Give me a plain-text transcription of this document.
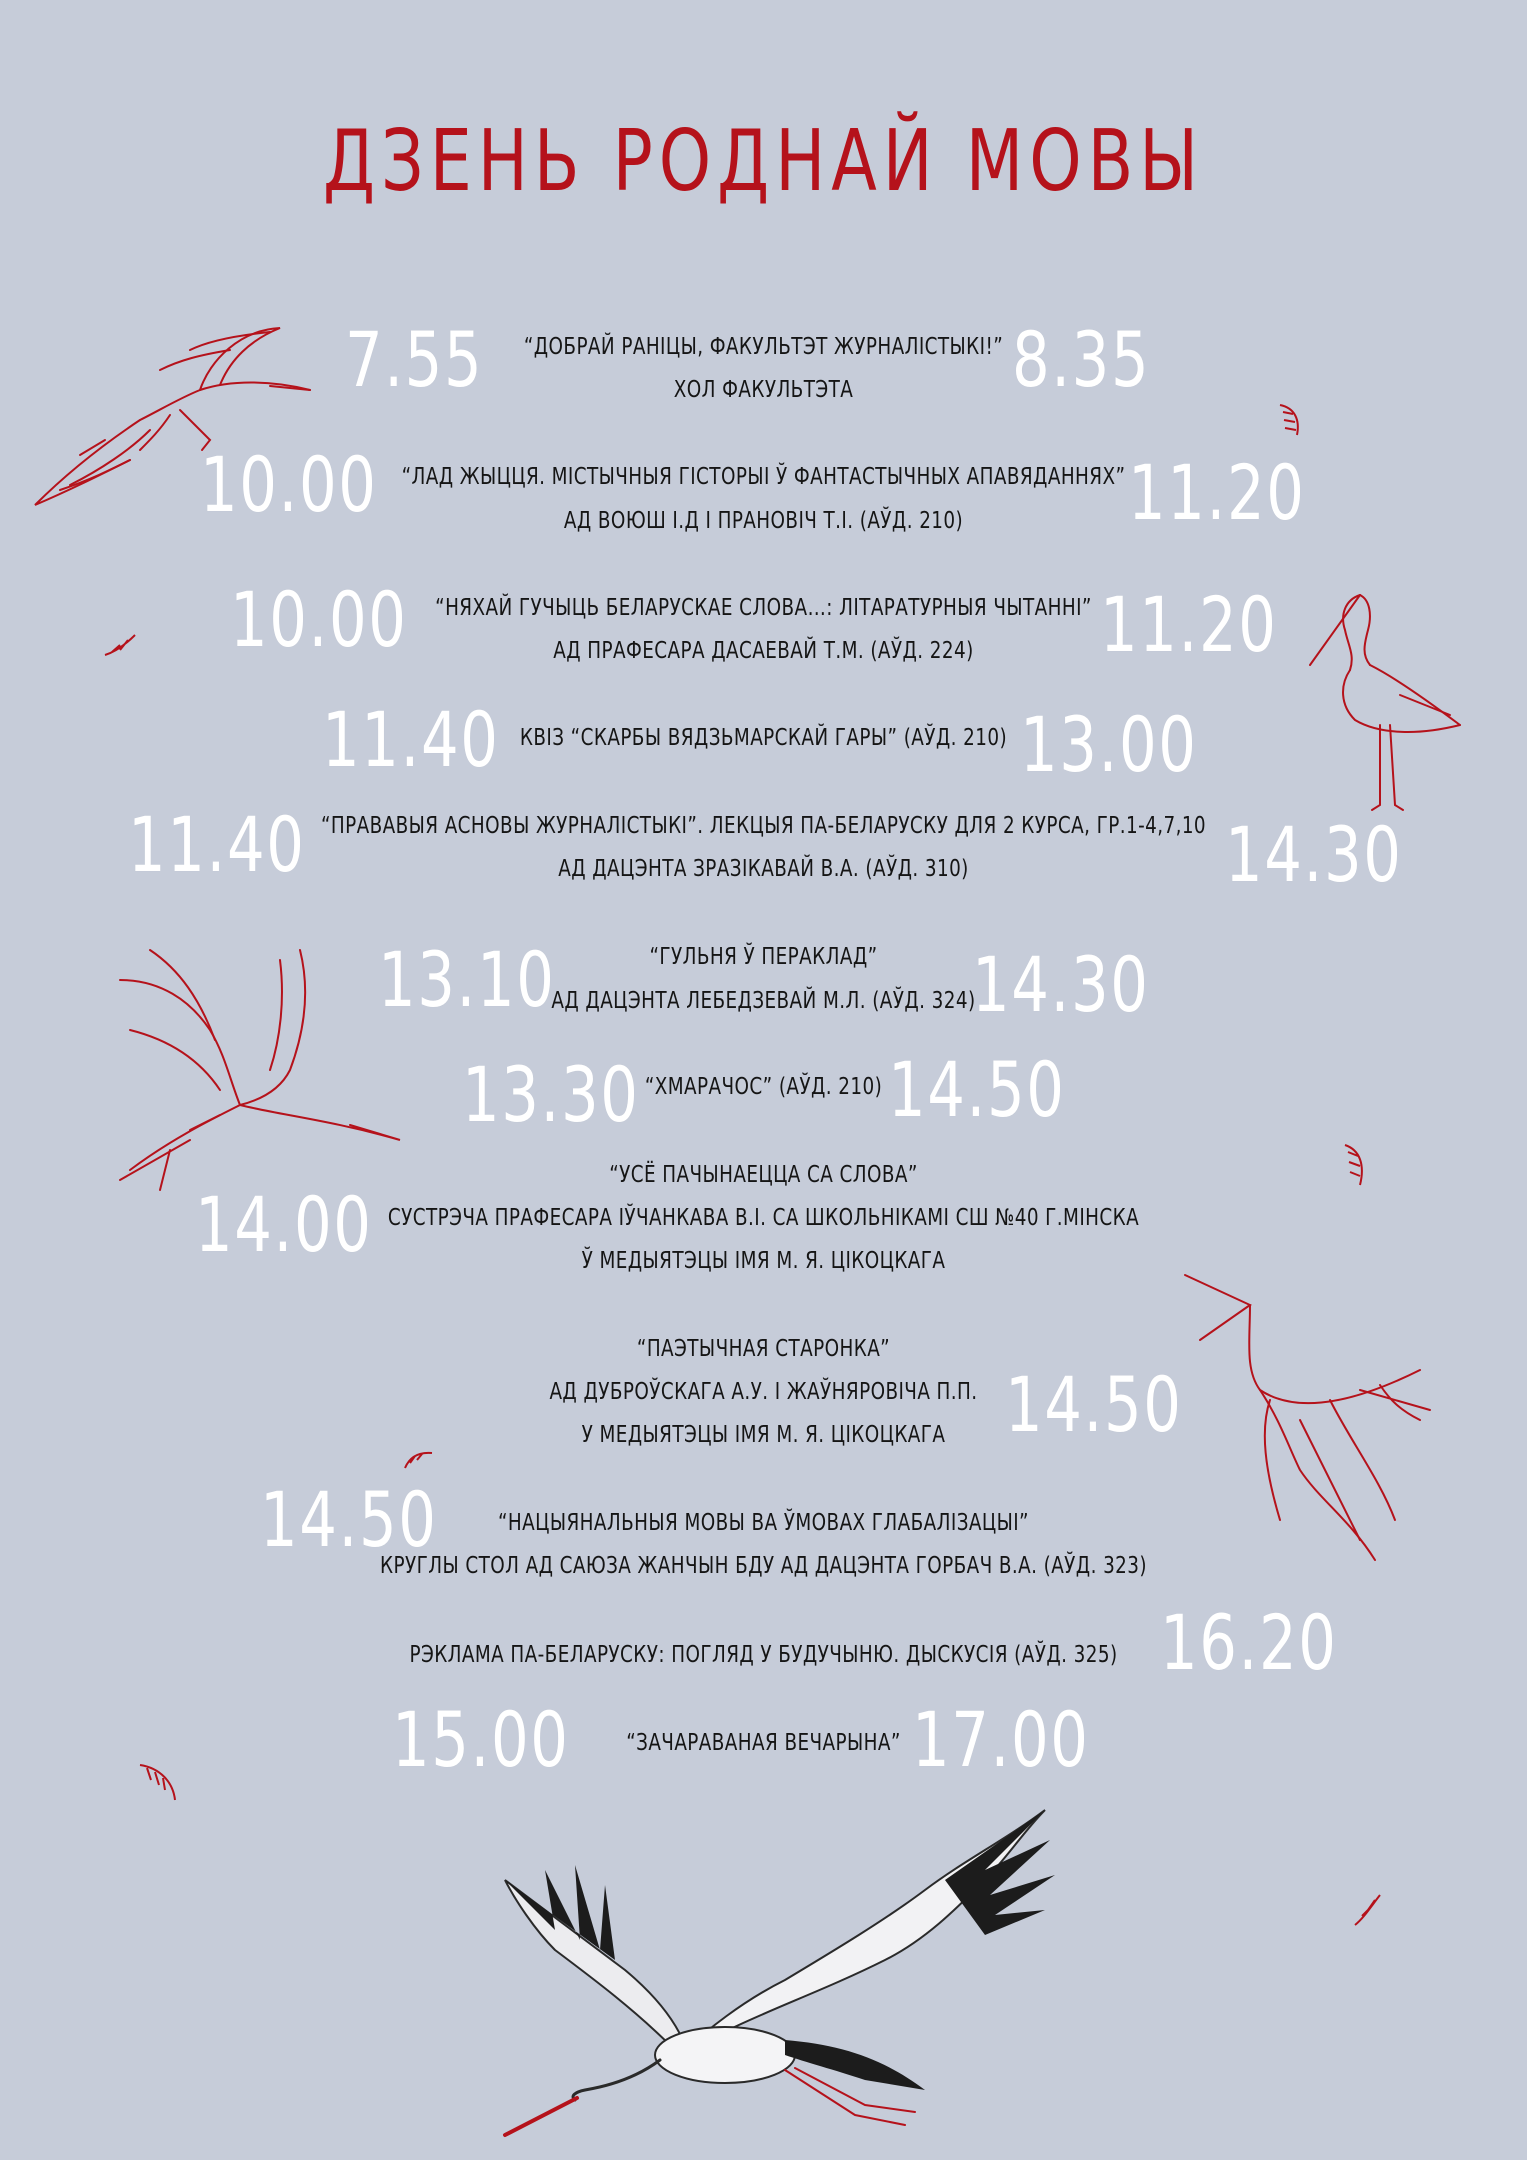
ДЗЕНЬ РОДНАЙ МОВЫ
7.55	8.35
“ДОБРАЙ РАНІЦЫ, ФАКУЛЬТЭТ ЖУРНАЛІСТЫКІ!”
ХОЛ ФАКУЛЬТЭТА
10.00	11.20
“ЛАД ЖЫЦЦЯ. МІСТЫЧНЫЯ ГІСТОРЫІ Ў ФАНТАСТЫЧНЫХ АПАВЯДАННЯХ”
АД ВОЮШ І.Д І ПРАНОВІЧ Т.І. (АЎД. 210)
10.00	11.20
“НЯХАЙ ГУЧЫЦЬ БЕЛАРУСКАЕ СЛОВА…: ЛІТАРАТУРНЫЯ ЧЫТАННІ”
АД ПРАФЕСАРА ДАСАЕВАЙ Т.М. (АЎД. 224)
11.40	13.00
КВІЗ “СКАРБЫ ВЯДЗЬМАРСКАЙ ГАРЫ” (АЎД. 210)
11.40	14.30
“ПРАВАВЫЯ АСНОВЫ ЖУРНАЛІСТЫКІ”. ЛЕКЦЫЯ ПА-БЕЛАРУСКУ ДЛЯ 2 КУРСА, ГР.1-4,7,10
АД ДАЦЭНТА ЗРАЗІКАВАЙ В.А. (АЎД. 310)
13.10	14.30
“ГУЛЬНЯ Ў ПЕРАКЛАД”
АД ДАЦЭНТА ЛЕБЕДЗЕВАЙ М.Л. (АЎД. 324)
13.30	14.50
“ХМАРАЧОС” (АЎД. 210)
14.00
“УСЁ ПАЧЫНАЕЦЦА СА СЛОВА”
СУСТРЭЧА ПРАФЕСАРА ІЎЧАНКАВА В.І. СА ШКОЛЬНІКАМІ СШ №40 Г.МІНСКА
Ў МЕДЫЯТЭЦЫ ІМЯ М. Я. ЦІКОЦКАГА
14.50
“ПАЭТЫЧНАЯ СТАРОНКА”
АД ДУБРОЎСКАГА А.У. І ЖАЎНЯРОВІЧА П.П.
У МЕДЫЯТЭЦЫ ІМЯ М. Я. ЦІКОЦКАГА
14.50	“НАЦЫЯНАЛЬНЫЯ МОВЫ ВА ЎМОВАХ ГЛАБАЛІЗАЦЫІ”
КРУГЛЫ СТОЛ АД САЮЗА ЖАНЧЫН БДУ АД ДАЦЭНТА ГОРБАЧ В.А. (АЎД. 323)
16.20
РЭКЛАМА ПА-БЕЛАРУСКУ: ПОГЛЯД У БУДУЧЫНЮ. ДЫСКУСІЯ (АЎД. 325)
15.00	17.00
“ЗАЧАРАВАНАЯ ВЕЧАРЫНА”
